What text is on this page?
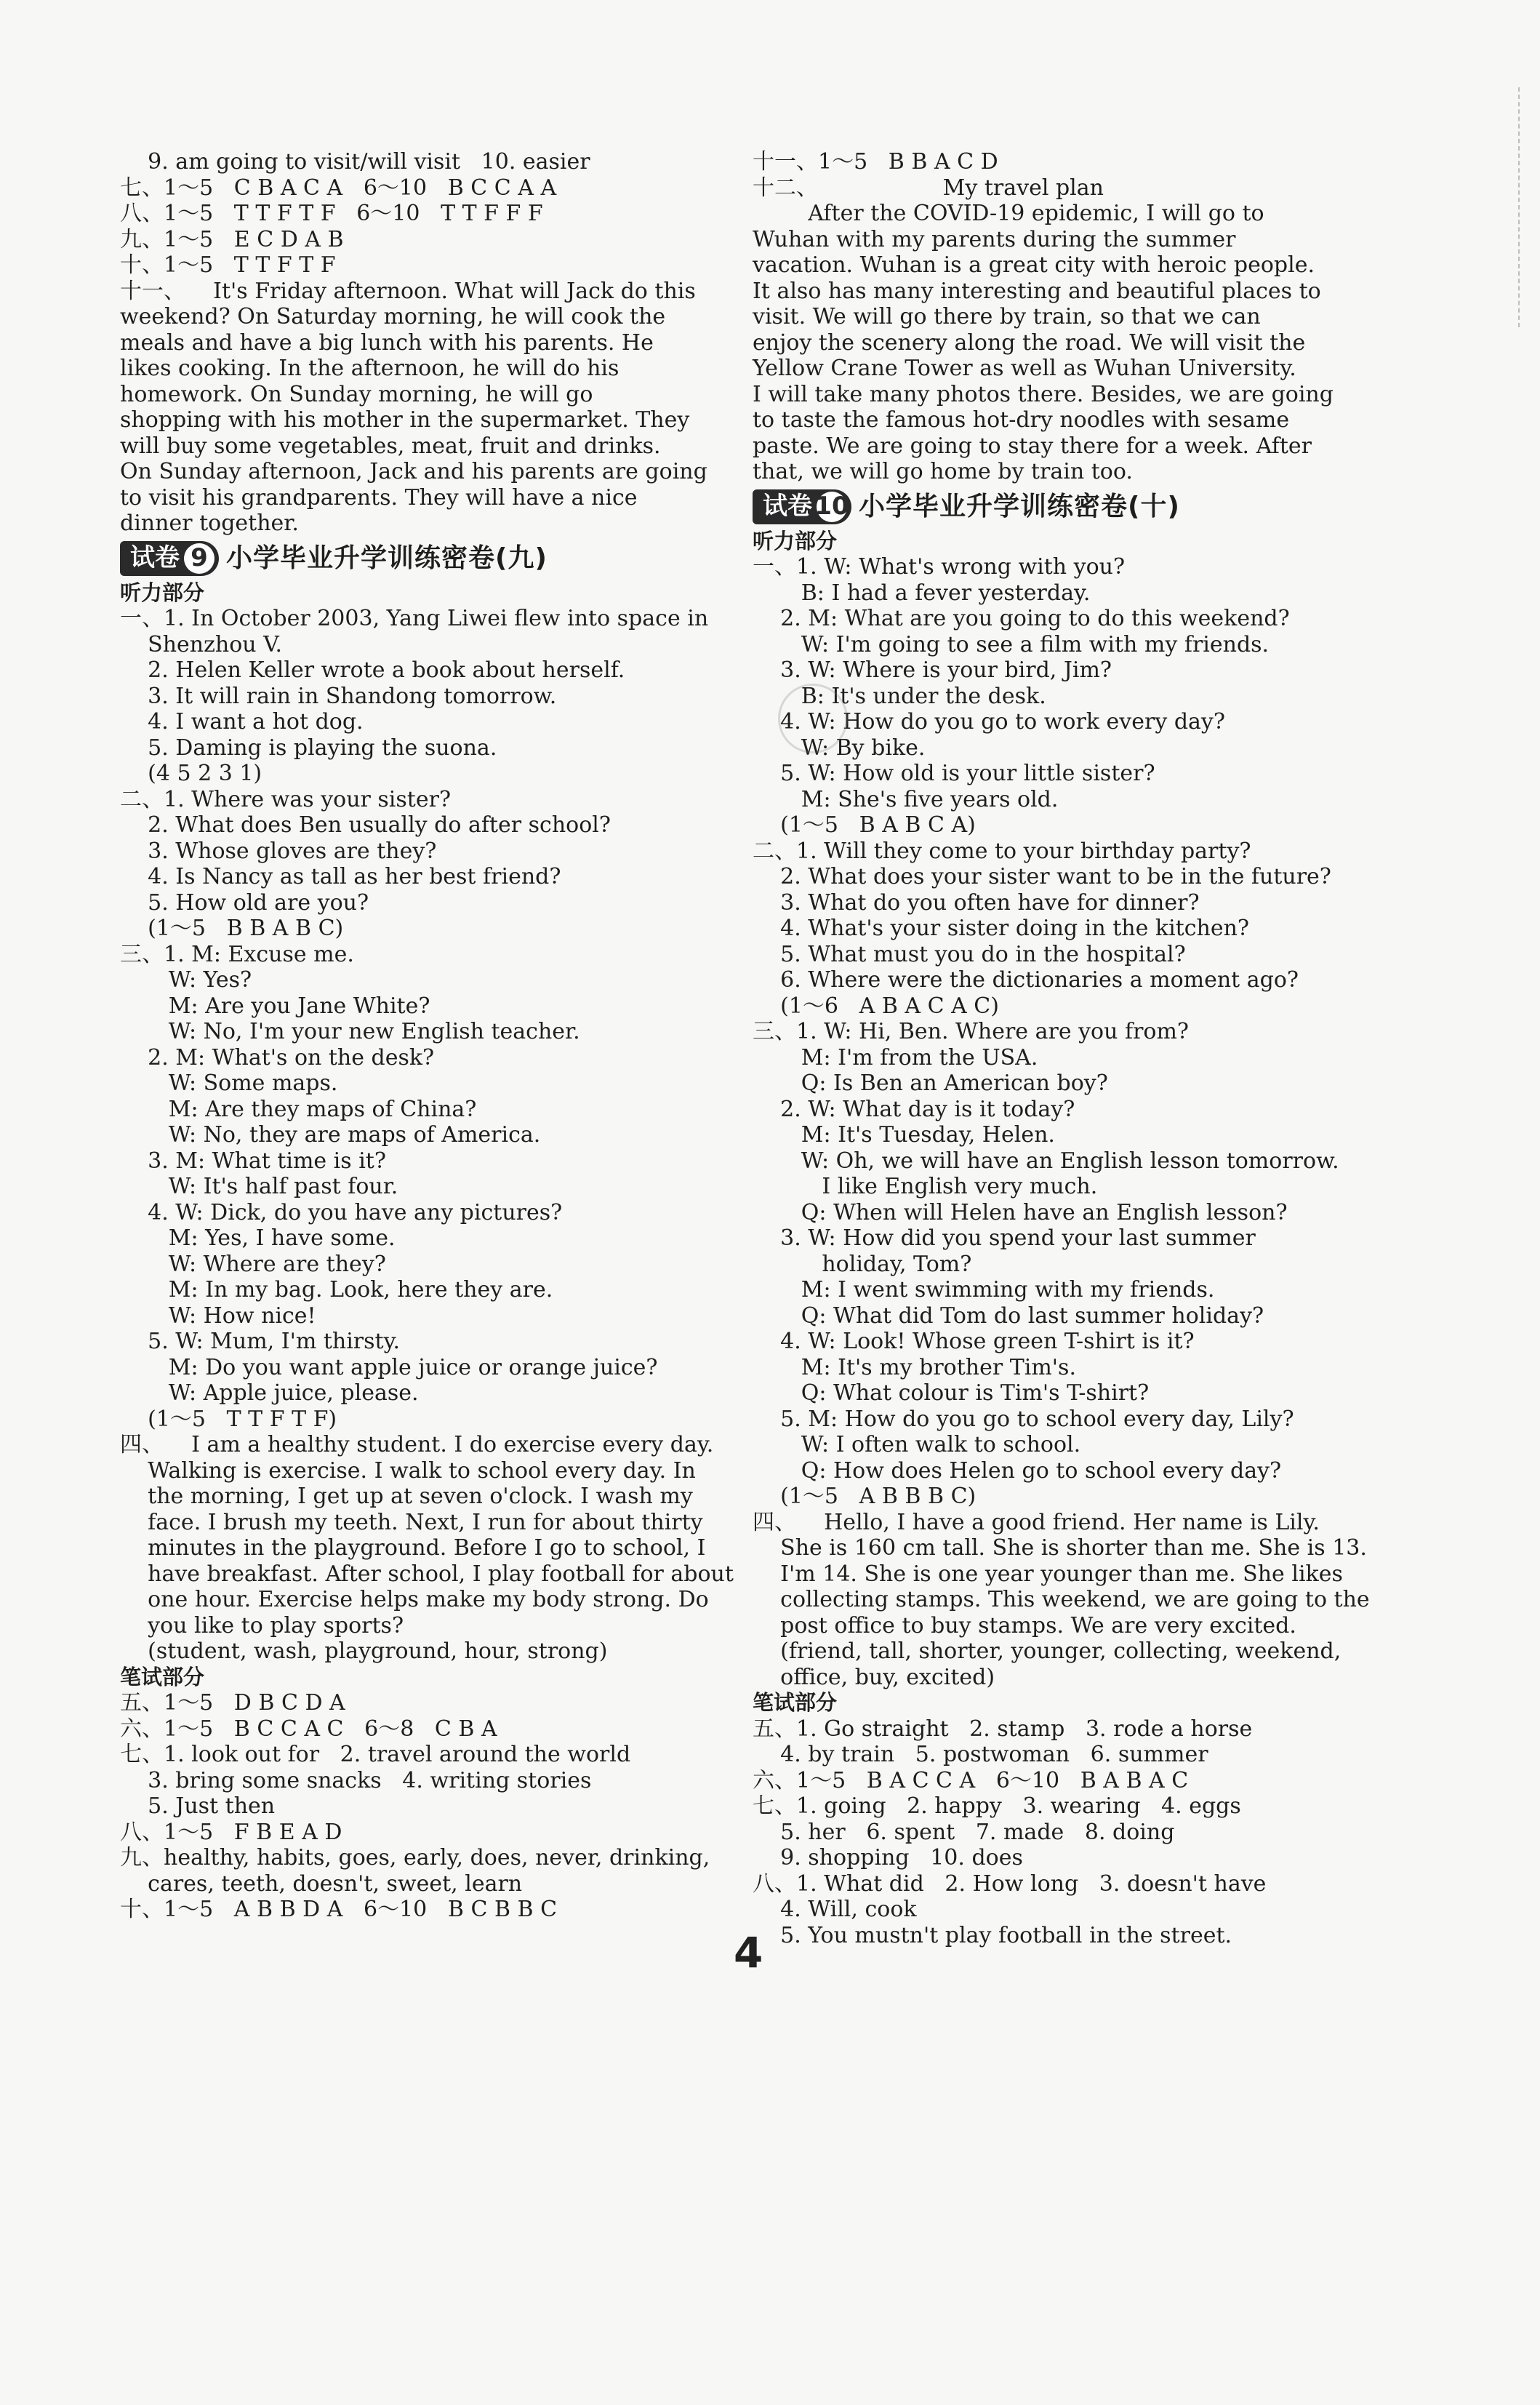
9. am going to visit/will visit   10. easier
七、1～5   C B A C A   6～10   B C C A A
八、1～5   T T F T F   6～10   T T F F F
九、1～5   E C D A B
十、1～5   T T F T F
十一、    It's Friday afternoon. What will Jack do this
weekend? On Saturday morning, he will cook the
meals and have a big lunch with his parents. He
likes cooking. In the afternoon, he will do his
homework. On Sunday morning, he will go
shopping with his mother in the supermarket. They
will buy some vegetables, meat, fruit and drinks.
On Sunday afternoon, Jack and his parents are going
to visit his grandparents. They will have a nice
dinner together.
试卷 9 小学毕业升学训练密卷(九)
听力部分
一、1. In October 2003, Yang Liwei flew into space in
Shenzhou V.
2. Helen Keller wrote a book about herself.
3. It will rain in Shandong tomorrow.
4. I want a hot dog.
5. Daming is playing the suona.
(4 5 2 3 1)
二、1. Where was your sister?
2. What does Ben usually do after school?
3. Whose gloves are they?
4. Is Nancy as tall as her best friend?
5. How old are you?
(1～5   B B A B C)
三、1. M: Excuse me.
W: Yes?
M: Are you Jane White?
W: No, I'm your new English teacher.
2. M: What's on the desk?
W: Some maps.
M: Are they maps of China?
W: No, they are maps of America.
3. M: What time is it?
W: It's half past four.
4. W: Dick, do you have any pictures?
M: Yes, I have some.
W: Where are they?
M: In my bag. Look, here they are.
W: How nice!
5. W: Mum, I'm thirsty.
M: Do you want apple juice or orange juice?
W: Apple juice, please.
(1～5   T T F T F)
四、    I am a healthy student. I do exercise every day.
Walking is exercise. I walk to school every day. In
the morning, I get up at seven o'clock. I wash my
face. I brush my teeth. Next, I run for about thirty
minutes in the playground. Before I go to school, I
have breakfast. After school, I play football for about
one hour. Exercise helps make my body strong. Do
you like to play sports?
(student, wash, playground, hour, strong)
笔试部分
五、1～5   D B C D A
六、1～5   B C C A C   6～8   C B A
七、1. look out for   2. travel around the world
3. bring some snacks   4. writing stories
5. Just then
八、1～5   F B E A D
九、healthy, habits, goes, early, does, never, drinking,
cares, teeth, doesn't, sweet, learn
十、1～5   A B B D A   6～10   B C B B C
十一、1～5   B B A C D
十二、                  My travel plan
After the COVID-19 epidemic, I will go to
Wuhan with my parents during the summer
vacation. Wuhan is a great city with heroic people.
It also has many interesting and beautiful places to
visit. We will go there by train, so that we can
enjoy the scenery along the road. We will visit the
Yellow Crane Tower as well as Wuhan University.
I will take many photos there. Besides, we are going
to taste the famous hot-dry noodles with sesame
paste. We are going to stay there for a week. After
that, we will go home by train too.
试卷 10 小学毕业升学训练密卷(十)
听力部分
一、1. W: What's wrong with you?
B: I had a fever yesterday.
2. M: What are you going to do this weekend?
W: I'm going to see a film with my friends.
3. W: Where is your bird, Jim?
B: It's under the desk.
4. W: How do you go to work every day?
W: By bike.
5. W: How old is your little sister?
M: She's five years old.
(1～5   B A B C A)
二、1. Will they come to your birthday party?
2. What does your sister want to be in the future?
3. What do you often have for dinner?
4. What's your sister doing in the kitchen?
5. What must you do in the hospital?
6. Where were the dictionaries a moment ago?
(1～6   A B A C A C)
三、1. W: Hi, Ben. Where are you from?
M: I'm from the USA.
Q: Is Ben an American boy?
2. W: What day is it today?
M: It's Tuesday, Helen.
W: Oh, we will have an English lesson tomorrow.
I like English very much.
Q: When will Helen have an English lesson?
3. W: How did you spend your last summer
holiday, Tom?
M: I went swimming with my friends.
Q: What did Tom do last summer holiday?
4. W: Look! Whose green T-shirt is it?
M: It's my brother Tim's.
Q: What colour is Tim's T-shirt?
5. M: How do you go to school every day, Lily?
W: I often walk to school.
Q: How does Helen go to school every day?
(1～5   A B B B C)
四、    Hello, I have a good friend. Her name is Lily.
She is 160 cm tall. She is shorter than me. She is 13.
I'm 14. She is one year younger than me. She likes
collecting stamps. This weekend, we are going to the
post office to buy stamps. We are very excited.
(friend, tall, shorter, younger, collecting, weekend,
office, buy, excited)
笔试部分
五、1. Go straight   2. stamp   3. rode a horse
4. by train   5. postwoman   6. summer
六、1～5   B A C C A   6～10   B A B A C
七、1. going   2. happy   3. wearing   4. eggs
5. her   6. spent   7. made   8. doing
9. shopping   10. does
八、1. What did   2. How long   3. doesn't have
4. Will, cook
5. You mustn't play football in the street.
4
